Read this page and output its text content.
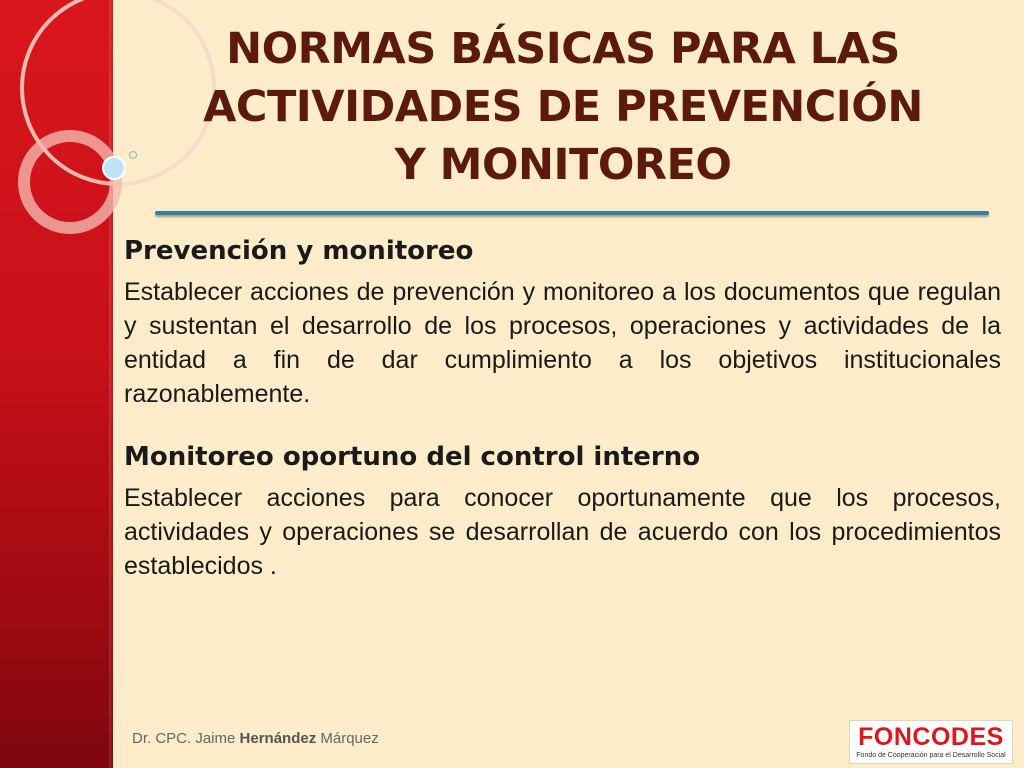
NORMAS BÁSICAS PARA LAS
ACTIVIDADES DE PREVENCIÓN
Y MONITOREO
Prevención y monitoreo

Establecer acciones de prevención y monitoreo a los documentos que regulan y sustentan el desarrollo de los procesos, operaciones y actividades de la entidad a fin de dar cumplimiento a los objetivos institucionales razonablemente.

Monitoreo oportuno del control interno

Establecer acciones para conocer oportunamente que los procesos, actividades y operaciones se desarrollan de acuerdo con los procedimientos establecidos .

Dr. CPC. Jaime Hernández Márquez	FONCODES
Fondo de Cooperación para el Desarrollo Social
